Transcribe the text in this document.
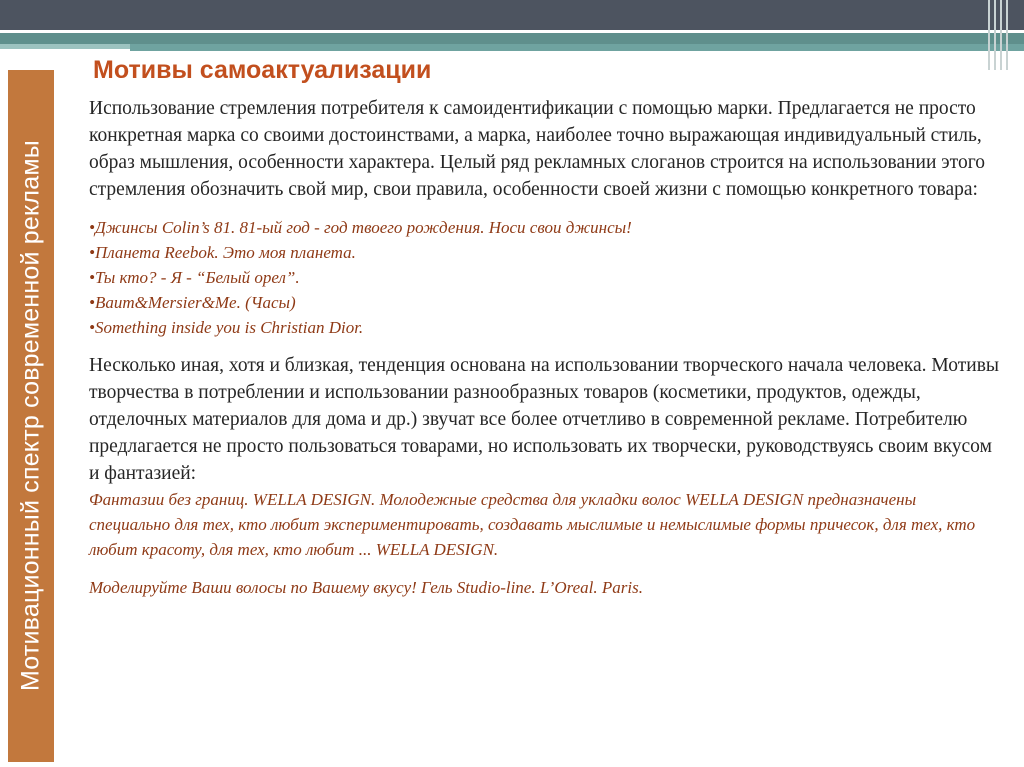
Мотивационный спектр современной рекламы
Мотивы самоактуализации

Использование стремления потребителя к самоидентификации с помощью марки. Предлагается не просто конкретная марка со своими достоинствами, а марка, наиболее точно выражающая индивидуальный стиль, образ мышления, особенности характера. Целый ряд рекламных слоганов строится на использовании этого стремления обозначить свой мир, свои правила, особенности своей жизни с помощью конкретного товара:

•Джинсы Colin’s 81. 81-ый год - год твоего рождения. Носи свои джинсы!
•Планета Reebok. Это моя планета.
•Ты кто? - Я - “Белый орел”.
•Baum&Mersier&Me. (Часы)
•Something inside you is Christian Dior.

Несколько иная, хотя и близкая, тенденция основана на использовании творческого начала человека. Мотивы творчества в потреблении и использовании разнообразных товаров (косметики, продуктов, одежды, отделочных материалов для дома и др.) звучат все более отчетливо в современной рекламе. Потребителю предлагается не просто пользоваться товарами, но использовать их творчески, руководствуясь своим вкусом и фантазией:

Фантазии без границ. WELLA DESIGN. Молодежные средства для укладки волос WELLA DESIGN предназначены специально для тех, кто любит экспериментировать, создавать мыслимые и немыслимые формы причесок, для тех, кто любит красоту, для тех, кто любит ... WELLA DESIGN.

Моделируйте Ваши волосы по Вашему вкусу! Гель Studio-line. L’Oreal. Paris.
